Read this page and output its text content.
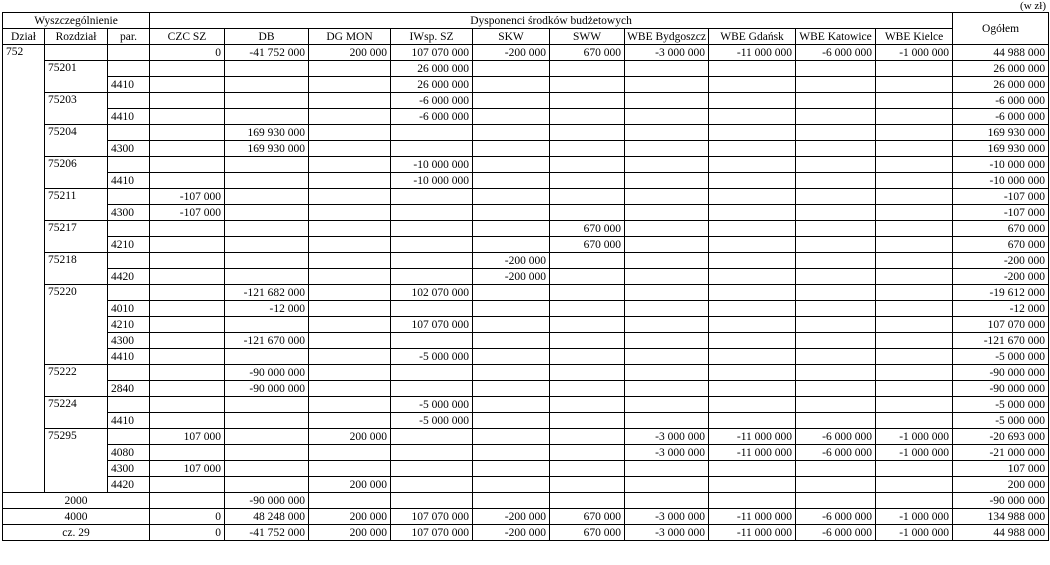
(w zł)
Wyszczególnienie			Dysponenci środków budżetowych										Ogółem
Dział	Rozdział	par.	CZC SZ	DB	DG MON	IWsp. SZ	SKW	SWW	WBE Bydgoszcz	WBE Gdańsk	WBE Katowice	WBE Kielce	
752			0	-41 752 000	200 000	107 070 000	-200 000	670 000	-3 000 000	-11 000 000	-6 000 000	-1 000 000	44 988 000
	75201					26 000 000							26 000 000
		4410				26 000 000							26 000 000
	75203					-6 000 000							-6 000 000
		4410				-6 000 000							-6 000 000
	75204			169 930 000									169 930 000
		4300		169 930 000									169 930 000
	75206					-10 000 000							-10 000 000
		4410				-10 000 000							-10 000 000
	75211		-107 000										-107 000
		4300	-107 000										-107 000
	75217							670 000					670 000
		4210						670 000					670 000
	75218						-200 000						-200 000
		4420					-200 000						-200 000
	75220			-121 682 000		102 070 000							-19 612 000
		4010		-12 000									-12 000
		4210				107 070 000							107 070 000
		4300		-121 670 000									-121 670 000
		4410				-5 000 000							-5 000 000
	75222			-90 000 000									-90 000 000
		2840		-90 000 000									-90 000 000
	75224					-5 000 000							-5 000 000
		4410				-5 000 000							-5 000 000
	75295		107 000		200 000				-3 000 000	-11 000 000	-6 000 000	-1 000 000	-20 693 000
		4080							-3 000 000	-11 000 000	-6 000 000	-1 000 000	-21 000 000
		4300	107 000										107 000
		4420			200 000								200 000
2000				-90 000 000									-90 000 000
4000			0	48 248 000	200 000	107 070 000	-200 000	670 000	-3 000 000	-11 000 000	-6 000 000	-1 000 000	134 988 000
cz. 29			0	-41 752 000	200 000	107 070 000	-200 000	670 000	-3 000 000	-11 000 000	-6 000 000	-1 000 000	44 988 000
